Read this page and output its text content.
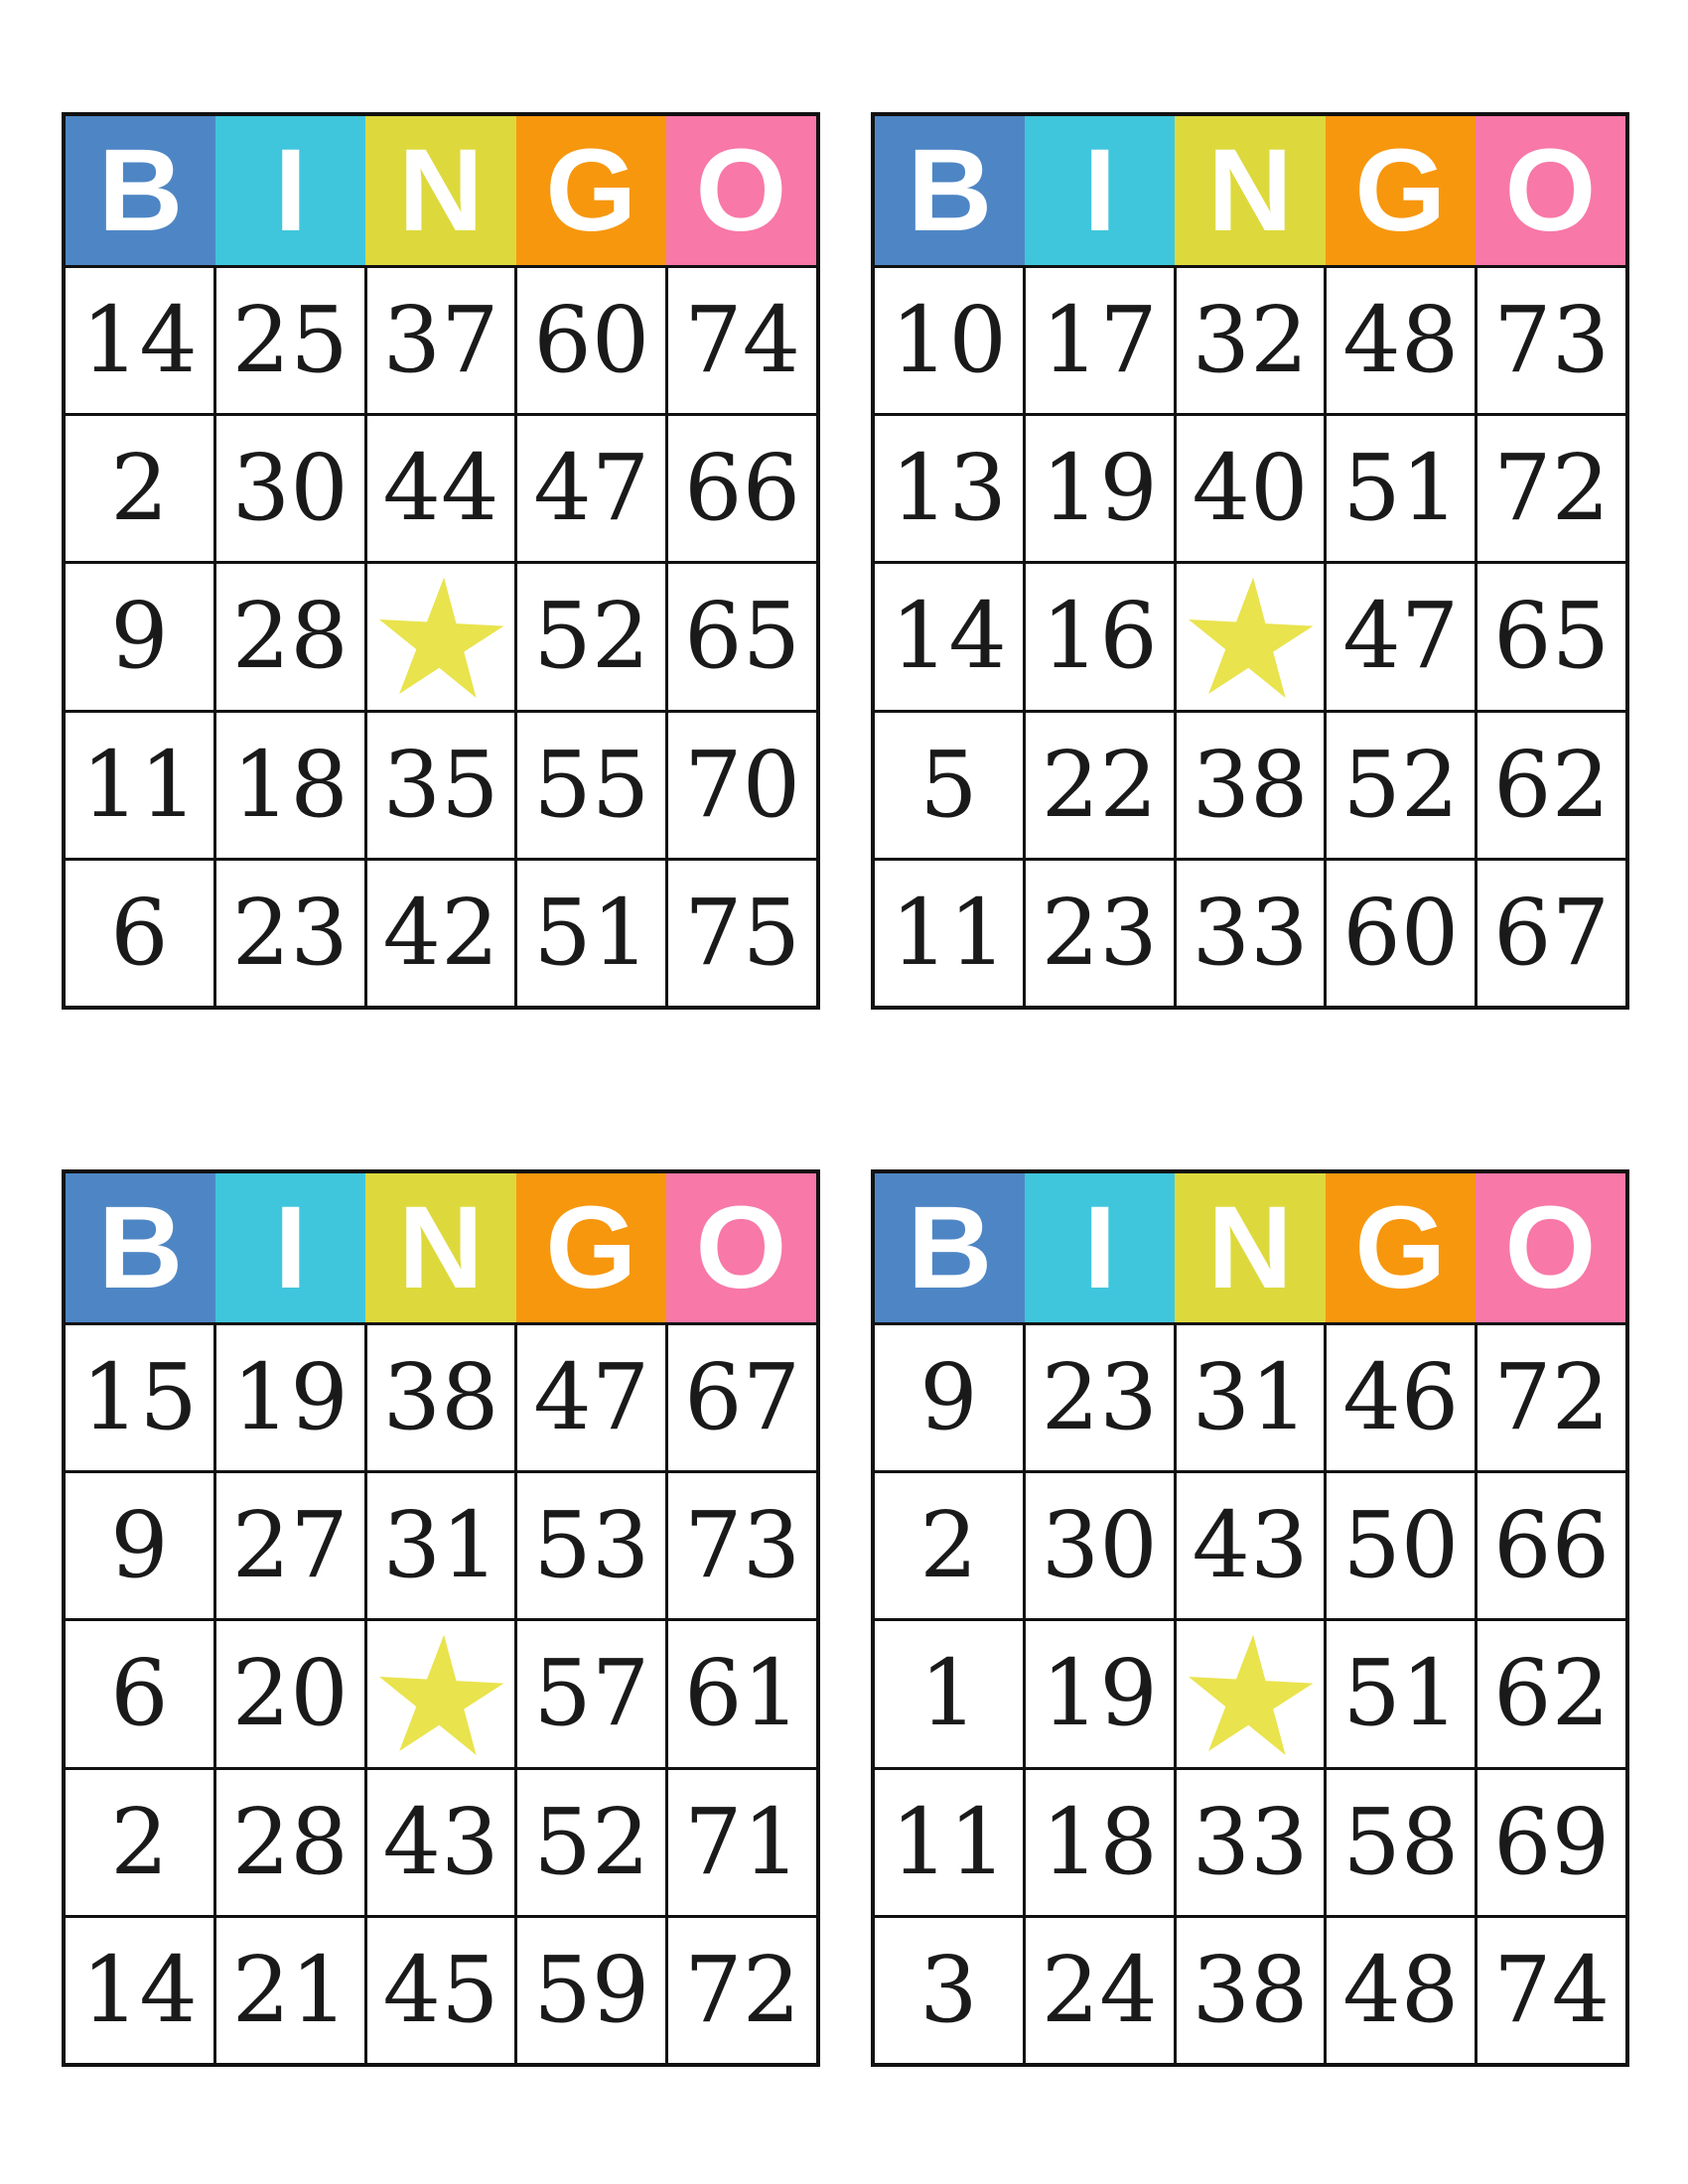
B I N G O
14 25 37 60 74
2 30 44 47 66
9 28 52 65
11 18 35 55 70
6 23 42 51 75
B I N G O
10 17 32 48 73
13 19 40 51 72
14 16 47 65
5 22 38 52 62
11 23 33 60 67
B I N G O
15 19 38 47 67
9 27 31 53 73
6 20 57 61
2 28 43 52 71
14 21 45 59 72
B I N G O
9 23 31 46 72
2 30 43 50 66
1 19 51 62
11 18 33 58 69
3 24 38 48 74
